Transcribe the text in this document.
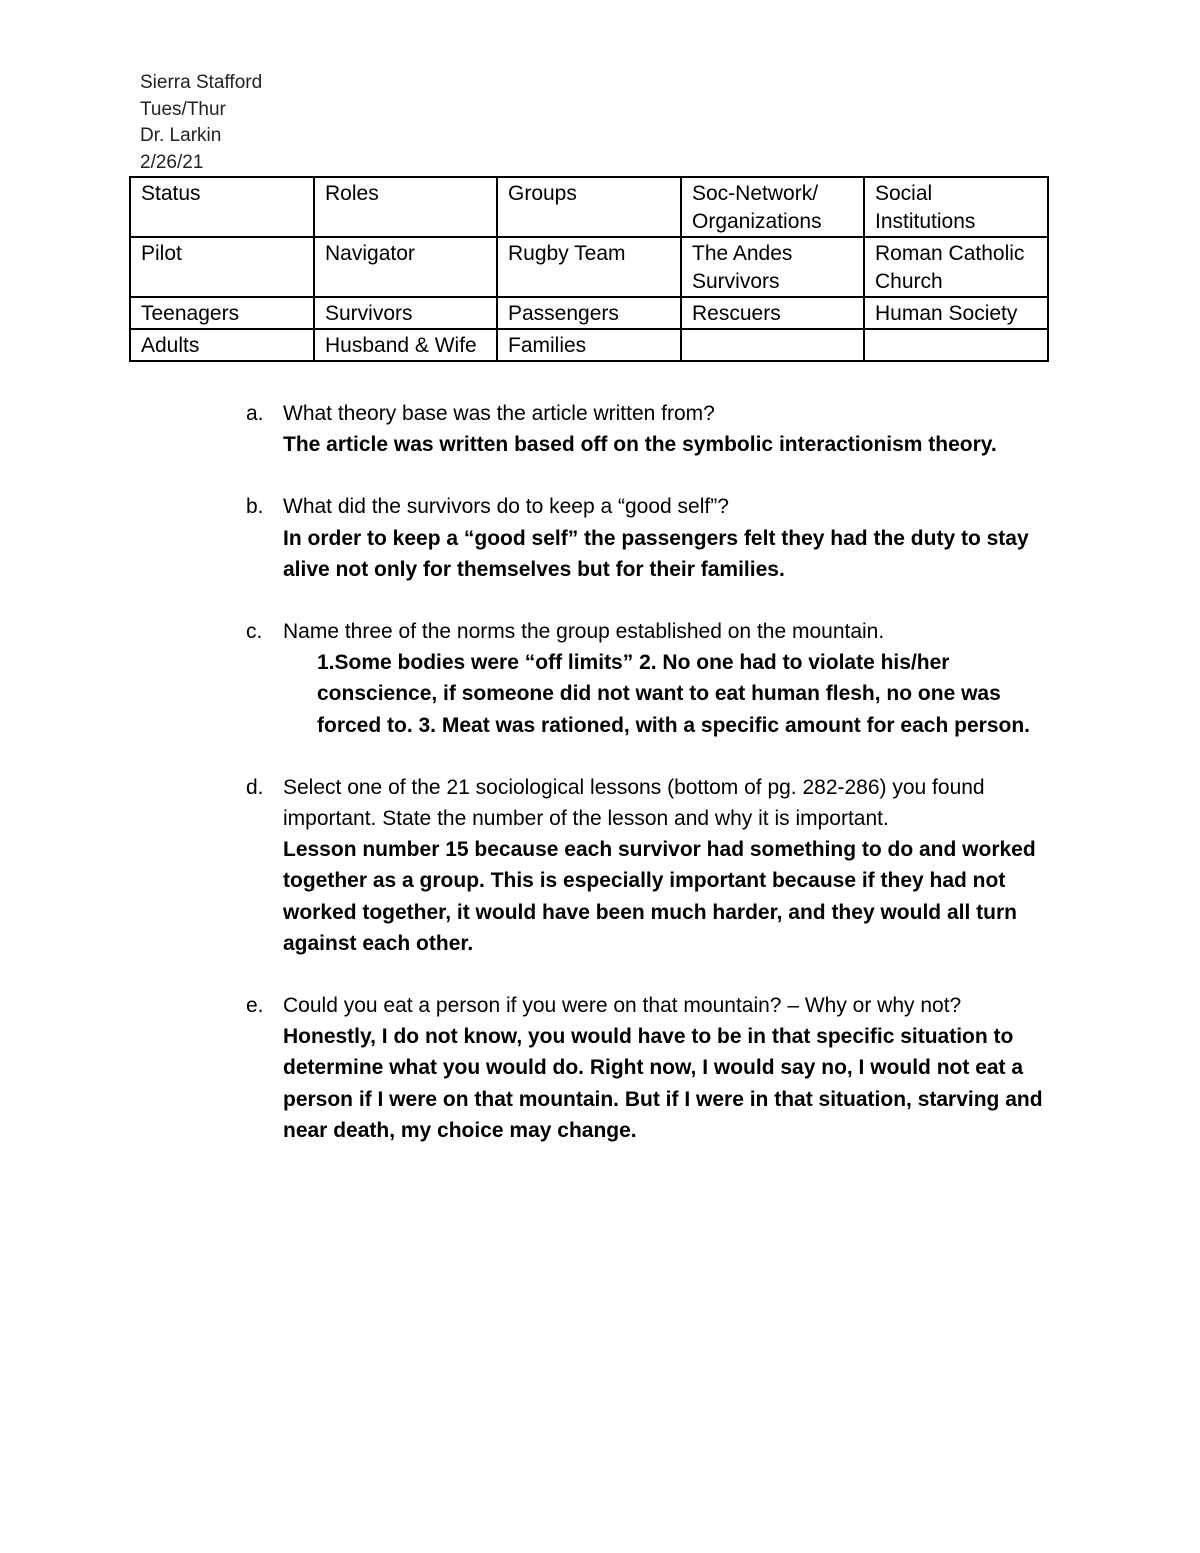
Sierra Stafford
Tues/Thur
Dr. Larkin
2/26/21
Status	Roles	Groups	Soc-Network/ Organizations	Social Institutions
Pilot	Navigator	Rugby Team	The Andes Survivors	Roman Catholic Church
Teenagers	Survivors	Passengers	Rescuers	Human Society
Adults	Husband & Wife	Families		
a. What theory base was the article written from?
The article was written based off on the symbolic interactionism theory.
b. What did the survivors do to keep a “good self”?
In order to keep a “good self” the passengers felt they had the duty to stay alive not only for themselves but for their families.
c. Name three of the norms the group established on the mountain.
1.Some bodies were “off limits” 2. No one had to violate his/her conscience, if someone did not want to eat human flesh, no one was forced to. 3. Meat was rationed, with a specific amount for each person.
d. Select one of the 21 sociological lessons (bottom of pg. 282-286) you found important. State the number of the lesson and why it is important.
Lesson number 15 because each survivor had something to do and worked together as a group. This is especially important because if they had not worked together, it would have been much harder, and they would all turn against each other.
e. Could you eat a person if you were on that mountain? – Why or why not?
Honestly, I do not know, you would have to be in that specific situation to determine what you would do. Right now, I would say no, I would not eat a person if I were on that mountain. But if I were in that situation, starving and near death, my choice may change.
